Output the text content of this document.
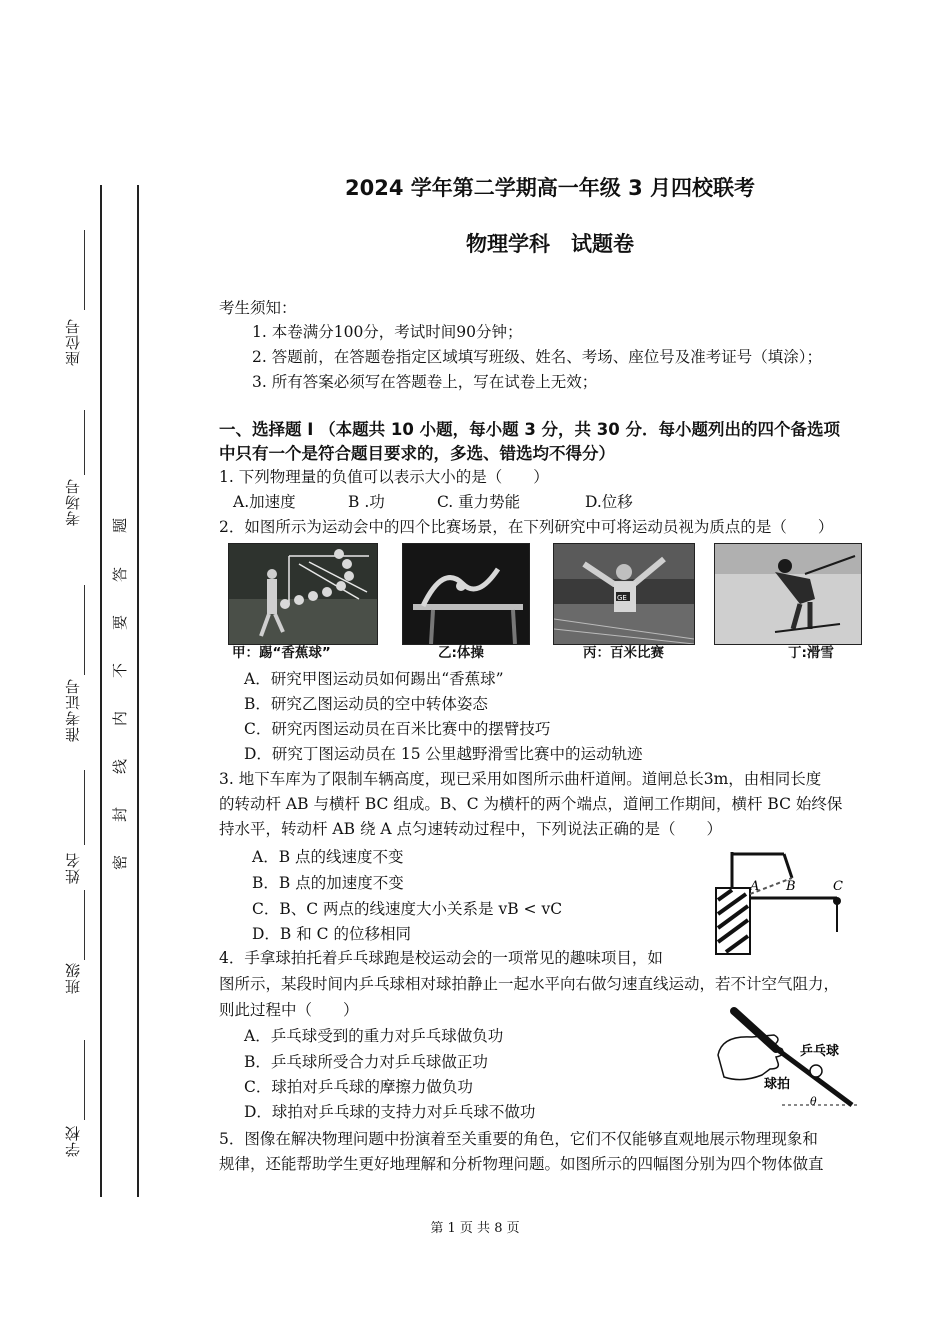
座位号
考场号
准考证号
姓名
班级
学校
题
答
要
不
内
线
封
密
2024 学年第二学期高一年级 3 月四校联考
物理学科　试题卷
考生须知：
1. 本卷满分100分，考试时间90分钟；
2. 答题前，在答题卷指定区域填写班级、姓名、考场、座位号及准考证号（填涂）；
3. 所有答案必须写在答题卷上，写在试卷上无效；
一、选择题 Ⅰ （本题共 10 小题，每小题 3 分，共 30 分．每小题列出的四个备选项
中只有一个是符合题目要求的，多选、错选均不得分）
1. 下列物理量的负值可以表示大小的是（　　）
A.加速度	B .功	C. 重力势能	D.位移
2．如图所示为运动会中的四个比赛场景，在下列研究中可将运动员视为质点的是（　　）
GE
甲：踢“香蕉球”	乙:体操	丙：百米比赛	丁:滑雪
A．研究甲图运动员如何踢出“香蕉球”
B．研究乙图运动员的空中转体姿态
C．研究丙图运动员在百米比赛中的摆臂技巧
D．研究丁图运动员在 15 公里越野滑雪比赛中的运动轨迹
3. 地下车库为了限制车辆高度，现已采用如图所示曲杆道闸。道闸总长3m，由相同长度
的转动杆 AB 与横杆 BC 组成。B、C 为横杆的两个端点，道闸工作期间，横杆 BC 始终保
持水平，转动杆 AB 绕 A 点匀速转动过程中，下列说法正确的是（　　）
A．B 点的线速度不变
B．B 点的加速度不变
C．B、C 两点的线速度大小关系是 vB < vC
D．B 和 C 的位移相同
A B	C
4．手拿球拍托着乒乓球跑是校运动会的一项常见的趣味项目，如
图所示，某段时间内乒乓球相对球拍静止一起水平向右做匀速直线运动，若不计空气阻力，
则此过程中（　　）
A．乒乓球受到的重力对乒乓球做负功
B．乒乓球所受合力对乒乓球做正功
C．球拍对乒乓球的摩擦力做负功
D．球拍对乒乓球的支持力对乒乓球不做功
乒乓球
球拍
θ
5．图像在解决物理问题中扮演着至关重要的角色，它们不仅能够直观地展示物理现象和
规律，还能帮助学生更好地理解和分析物理问题。如图所示的四幅图分别为四个物体做直
第 1 页 共 8 页
